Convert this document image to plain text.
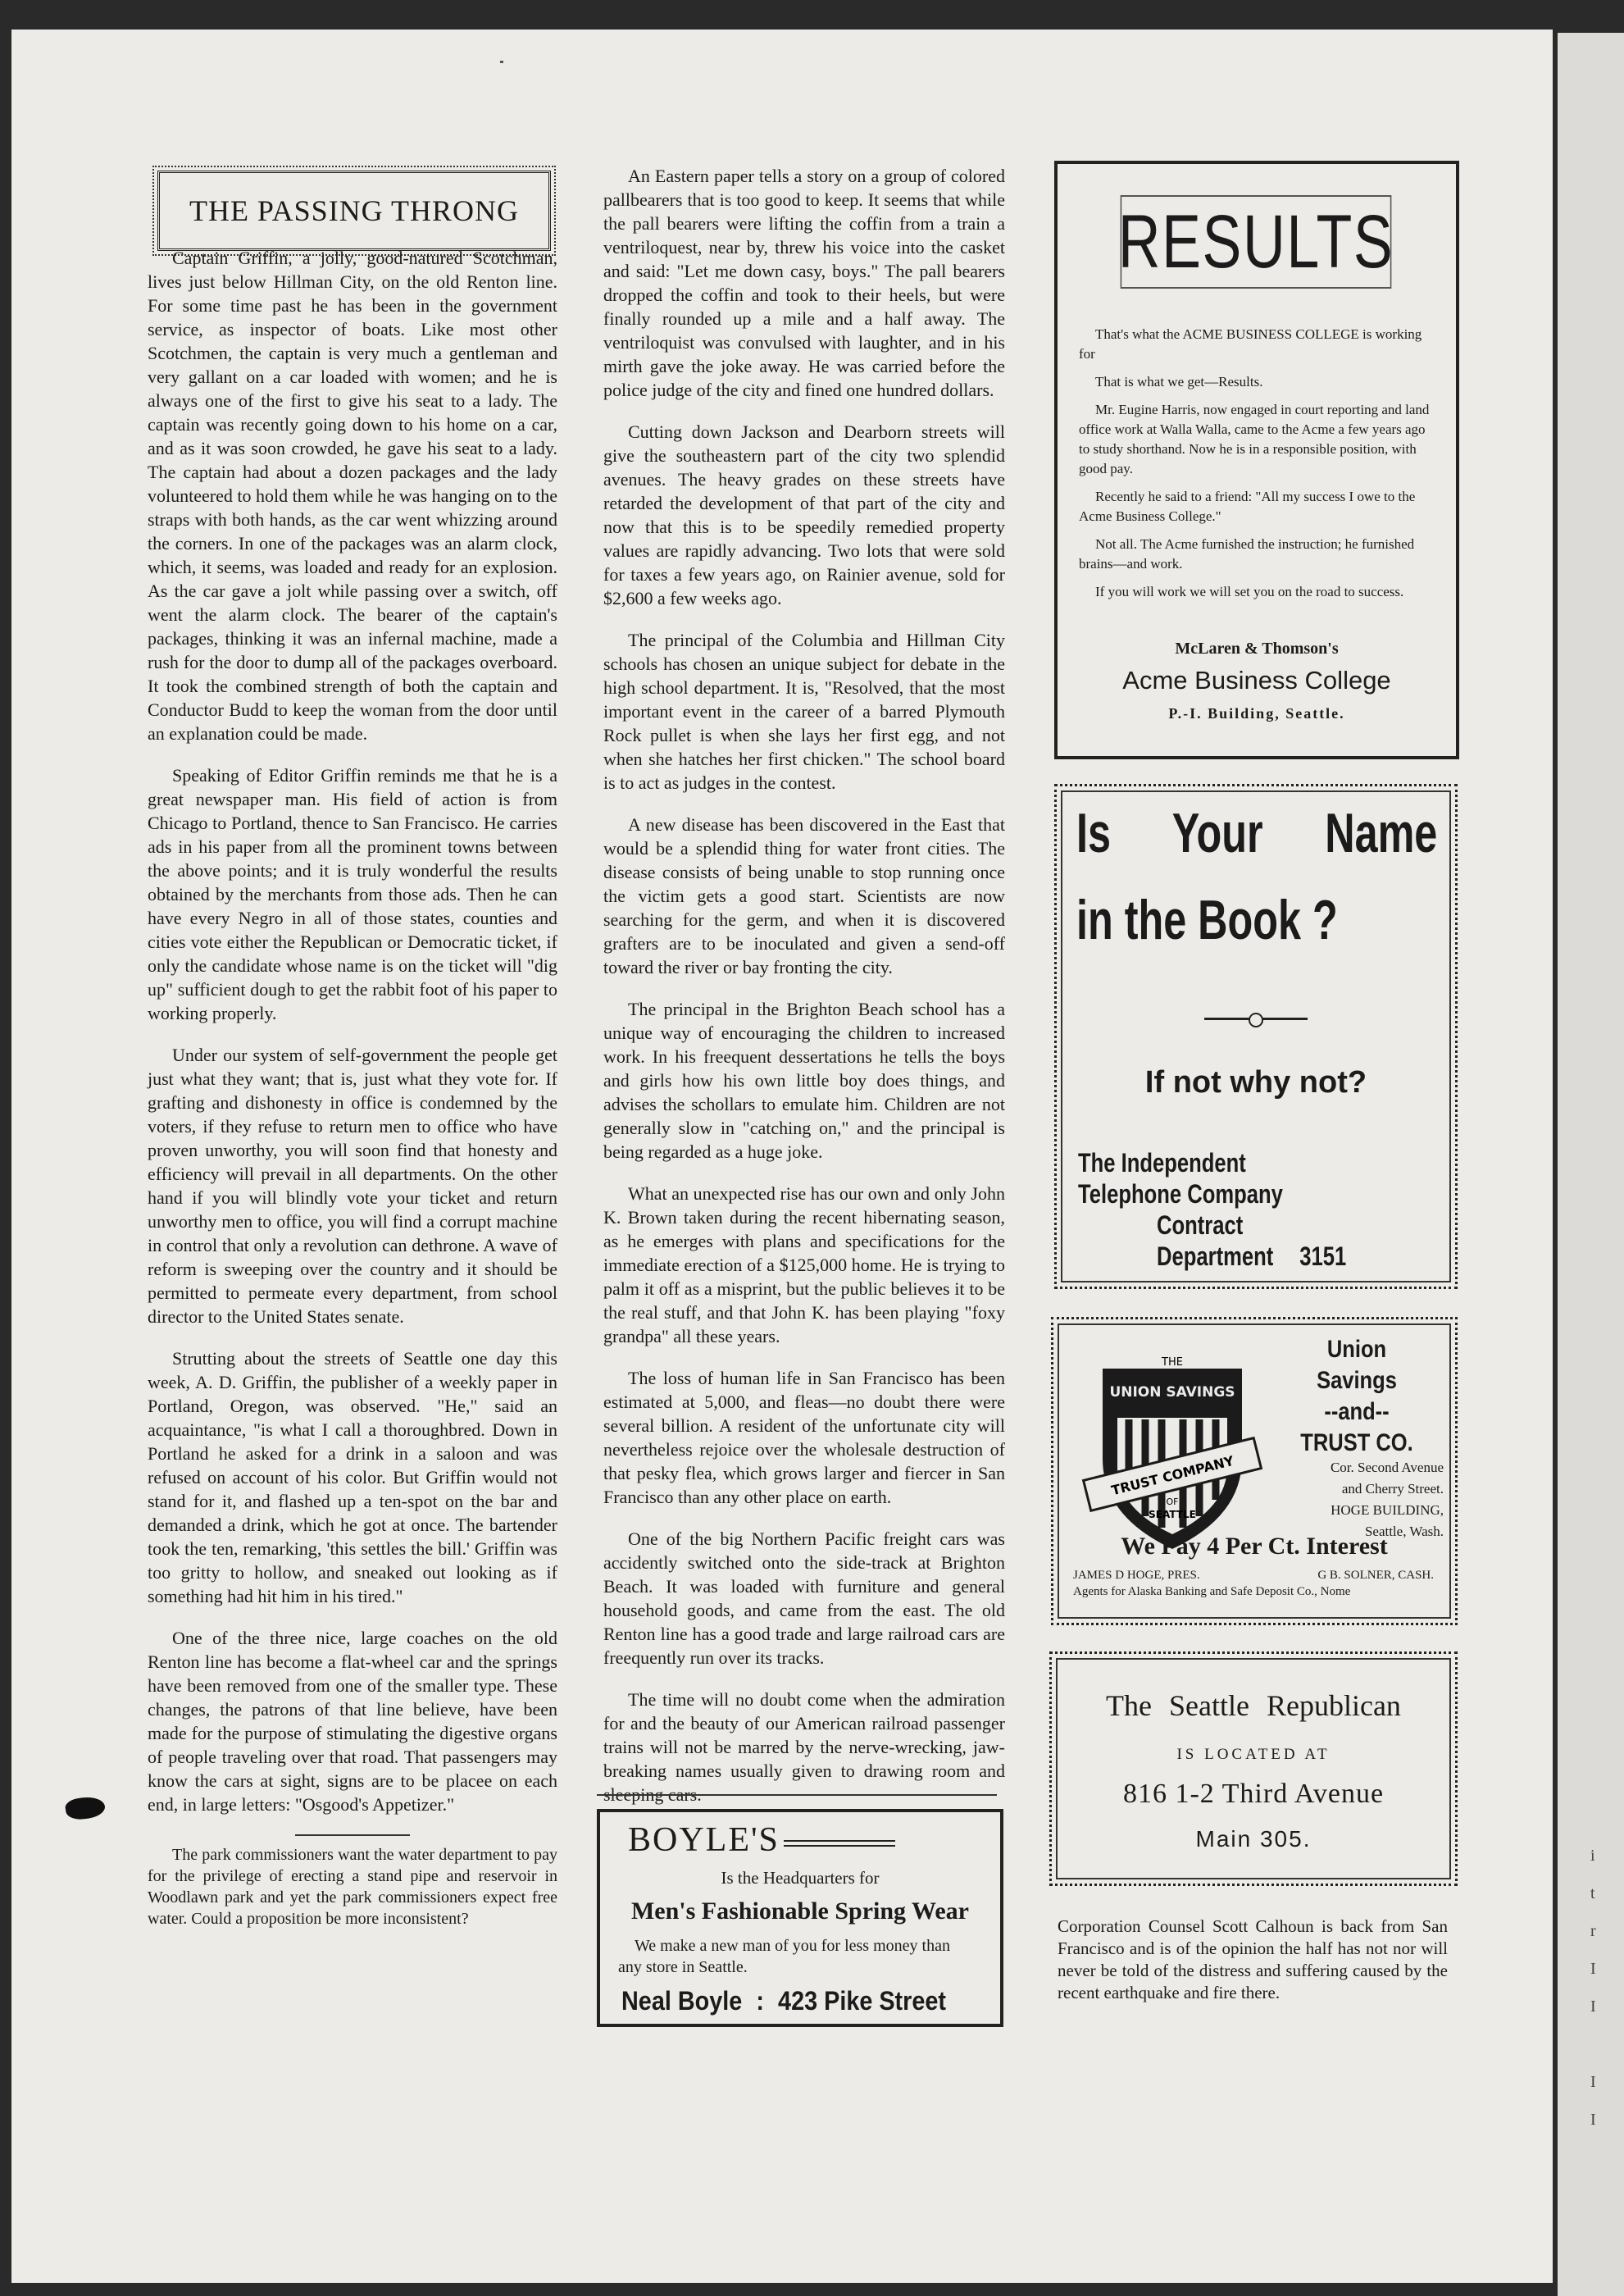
i
t
r
I
I

I
I
THE PASSING THRONG

Captain Griffin, a jolly, good-natured Scotchman, lives just below Hillman City, on the old Renton line. For some time past he has been in the government service, as inspector of boats. Like most other Scotchmen, the captain is very much a gentleman and very gallant on a car loaded with women; and he is always one of the first to give his seat to a lady. The captain was recently going down to his home on a car, and as it was soon crowded, he gave his seat to a lady. The captain had about a dozen packages and the lady volunteered to hold them while he was hanging on to the straps with both hands, as the car went whizzing around the corners. In one of the packages was an alarm clock, which, it seems, was loaded and ready for an explosion. As the car gave a jolt while passing over a switch, off went the alarm clock. The bearer of the captain's packages, thinking it was an infernal machine, made a rush for the door to dump all of the packages overboard. It took the combined strength of both the captain and Conductor Budd to keep the woman from the door until an explanation could be made.

Speaking of Editor Griffin reminds me that he is a great newspaper man. His field of action is from Chicago to Portland, thence to San Francisco. He carries ads in his paper from all the prominent towns between the above points; and it is truly wonderful the results obtained by the merchants from those ads. Then he can have every Negro in all of those states, counties and cities vote either the Republican or Democratic ticket, if only the candidate whose name is on the ticket will "dig up" sufficient dough to get the rabbit foot of his paper to working properly.

Under our system of self-government the people get just what they want; that is, just what they vote for. If grafting and dishonesty in office is condemned by the voters, if they refuse to return men to office who have proven unworthy, you will soon find that honesty and efficiency will prevail in all departments. On the other hand if you will blindly vote your ticket and return unworthy men to office, you will find a corrupt machine in control that only a revolution can dethrone. A wave of reform is sweeping over the country and it should be permitted to permeate every department, from school director to the United States senate.

Strutting about the streets of Seattle one day this week, A. D. Griffin, the publisher of a weekly paper in Portland, Oregon, was observed. "He," said an acquaintance, "is what I call a thoroughbred. Down in Portland he asked for a drink in a saloon and was refused on account of his color. But Griffin would not stand for it, and flashed up a ten-spot on the bar and demanded a drink, which he got at once. The bartender took the ten, remarking, 'this settles the bill.' Griffin was too gritty to hollow, and sneaked out looking as if something had hit him in his tired."

One of the three nice, large coaches on the old Renton line has become a flat-wheel car and the springs have been removed from one of the smaller type. These changes, the patrons of that line believe, have been made for the purpose of stimulating the digestive organs of people traveling over that road. That passengers may know the cars at sight, signs are to be placee on each end, in large letters: "Osgood's Appetizer."

The park commissioners want the water department to pay for the privilege of erecting a stand pipe and reservoir in Woodlawn park and yet the park commissioners expect free water. Could a proposition be more inconsistent?

An Eastern paper tells a story on a group of colored pallbearers that is too good to keep. It seems that while the pall bearers were lifting the coffin from a train a ventriloquest, near by, threw his voice into the casket and said: "Let me down casy, boys." The pall bearers dropped the coffin and took to their heels, but were finally rounded up a mile and a half away. The ventriloquist was convulsed with laughter, and in his mirth gave the joke away. He was carried before the police judge of the city and fined one hundred dollars.

Cutting down Jackson and Dearborn streets will give the southeastern part of the city two splendid avenues. The heavy grades on these streets have retarded the development of that part of the city and now that this is to be speedily remedied property values are rapidly advancing. Two lots that were sold for taxes a few years ago, on Rainier avenue, sold for $2,600 a few weeks ago.

The principal of the Columbia and Hillman City schools has chosen an unique subject for debate in the high school department. It is, "Resolved, that the most important event in the career of a barred Plymouth Rock pullet is when she lays her first egg, and not when she hatches her first chicken." The school board is to act as judges in the contest.

A new disease has been discovered in the East that would be a splendid thing for water front cities. The disease consists of being unable to stop running once the victim gets a good start. Scientists are now searching for the germ, and when it is discovered grafters are to be inoculated and given a send-off toward the river or bay fronting the city.

The principal in the Brighton Beach school has a unique way of encouraging the children to increased work. In his freequent dessertations he tells the boys and girls how his own little boy does things, and advises the schollars to emulate him. Children are not generally slow in "catching on," and the principal is being regarded as a huge joke.

What an unexpected rise has our own and only John K. Brown taken during the recent hibernating season, as he emerges with plans and specifications for the immediate erection of a $125,000 home. He is trying to palm it off as a misprint, but the public believes it to be the real stuff, and that John K. has been playing "foxy grandpa" all these years.

The loss of human life in San Francisco has been estimated at 5,000, and fleas—no doubt there were several billion. A resident of the unfortunate city will nevertheless rejoice over the wholesale destruction of that pesky flea, which grows larger and fiercer in San Francisco than any other place on earth.

One of the big Northern Pacific freight cars was accidently switched onto the side-track at Brighton Beach. It was loaded with furniture and general household goods, and came from the east. The old Renton line has a good trade and large railroad cars are freequently run over its tracks.

The time will no doubt come when the admiration for and the beauty of our American railroad passenger trains will not be marred by the nerve-wrecking, jaw-breaking names usually given to drawing room and sleeping cars.

BOYLE'S
Is the Headquarters for
Men's Fashionable Spring Wear
We make a new man of you for less money than any store in Seattle.
Neal Boyle : 423 Pike Street
RESULTS

That's what the ACME BUSINESS COLLEGE is working for

That is what we get—Results.

Mr. Eugine Harris, now engaged in court reporting and land office work at Walla Walla, came to the Acme a few years ago to study shorthand. Now he is in a responsible position, with good pay.

Recently he said to a friend: "All my success I owe to the Acme Business College."

Not all. The Acme furnished the instruction; he furnished brains—and work.

If you will work we will set you on the road to success.

McLaren & Thomson's
Acme Business College
P.-I. Building, Seattle.
Is Your Name
in the Book ?
If not why not?
The Independent
Telephone Company
Contract
Department 3151
THE
UNION SAVINGS
TRUST COMPANY
OF
SEATTLE
Union Savings
--and--
TRUST CO.
Cor. Second Avenue
and Cherry Street.
HOGE BUILDING,
Seattle, Wash.
We Pay 4 Per Ct. Interest
JAMES D HOGE, PRES.	G B. SOLNER, CASH.
Agents for Alaska Banking and Safe Deposit Co., Nome
The Seattle Republican
IS LOCATED AT
816 1-2 Third Avenue
Main 305.
Corporation Counsel Scott Calhoun is back from San Francisco and is of the opinion the half has not nor will never be told of the distress and suffering caused by the recent earthquake and fire there.
